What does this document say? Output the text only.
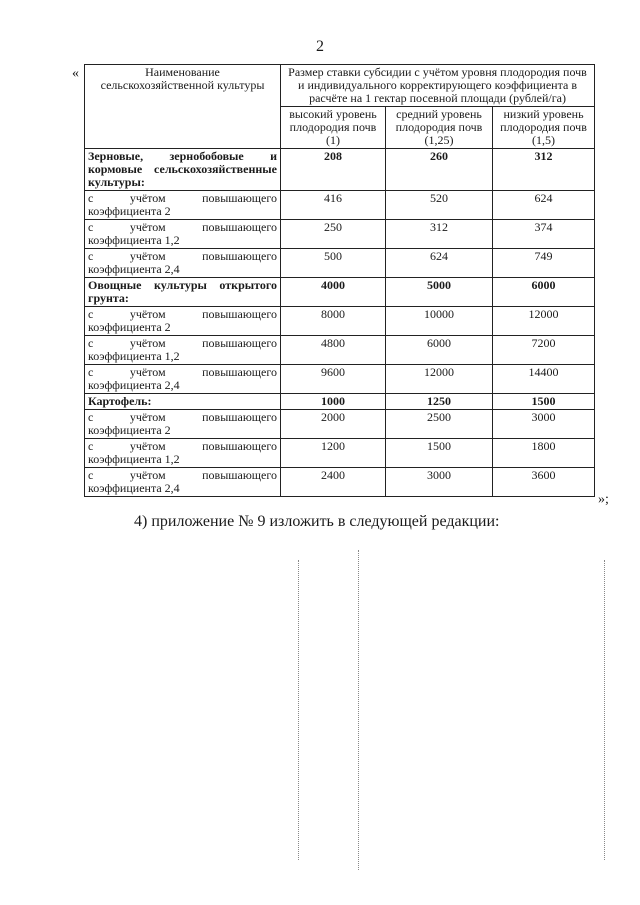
2
«	Наименование сельскохозяйственной культуры	Размер ставки субсидии с учётом уровня плодородия почв и индивидуального корректирующего коэффициента в расчёте на 1 гектар посевной площади (рублей/га)		
	высокий уровень плодородия почв (1)	средний уровень плодородия почв (1,25)	низкий уровень плодородия почв (1,5)
Зерновые, зернобобовые и кормовые сельскохозяйственные культуры:	208	260	312
с учётом повышающего коэффициента 2	416	520	624
с учётом повышающего коэффициента 1,2	250	312	374
с учётом повышающего коэффициента 2,4	500	624	749
Овощные культуры открытого грунта:	4000	5000	6000
с учётом повышающего коэффициента 2	8000	10000	12000
с учётом повышающего коэффициента 1,2	4800	6000	7200
с учётом повышающего коэффициента 2,4	9600	12000	14400
Картофель:	1000	1250	1500
с учётом повышающего коэффициента 2	2000	2500	3000
с учётом повышающего коэффициента 1,2	1200	1500	1800
с учётом повышающего коэффициента 2,4	2400	3000	3600
»;
4) приложение № 9 изложить в следующей редакции:
